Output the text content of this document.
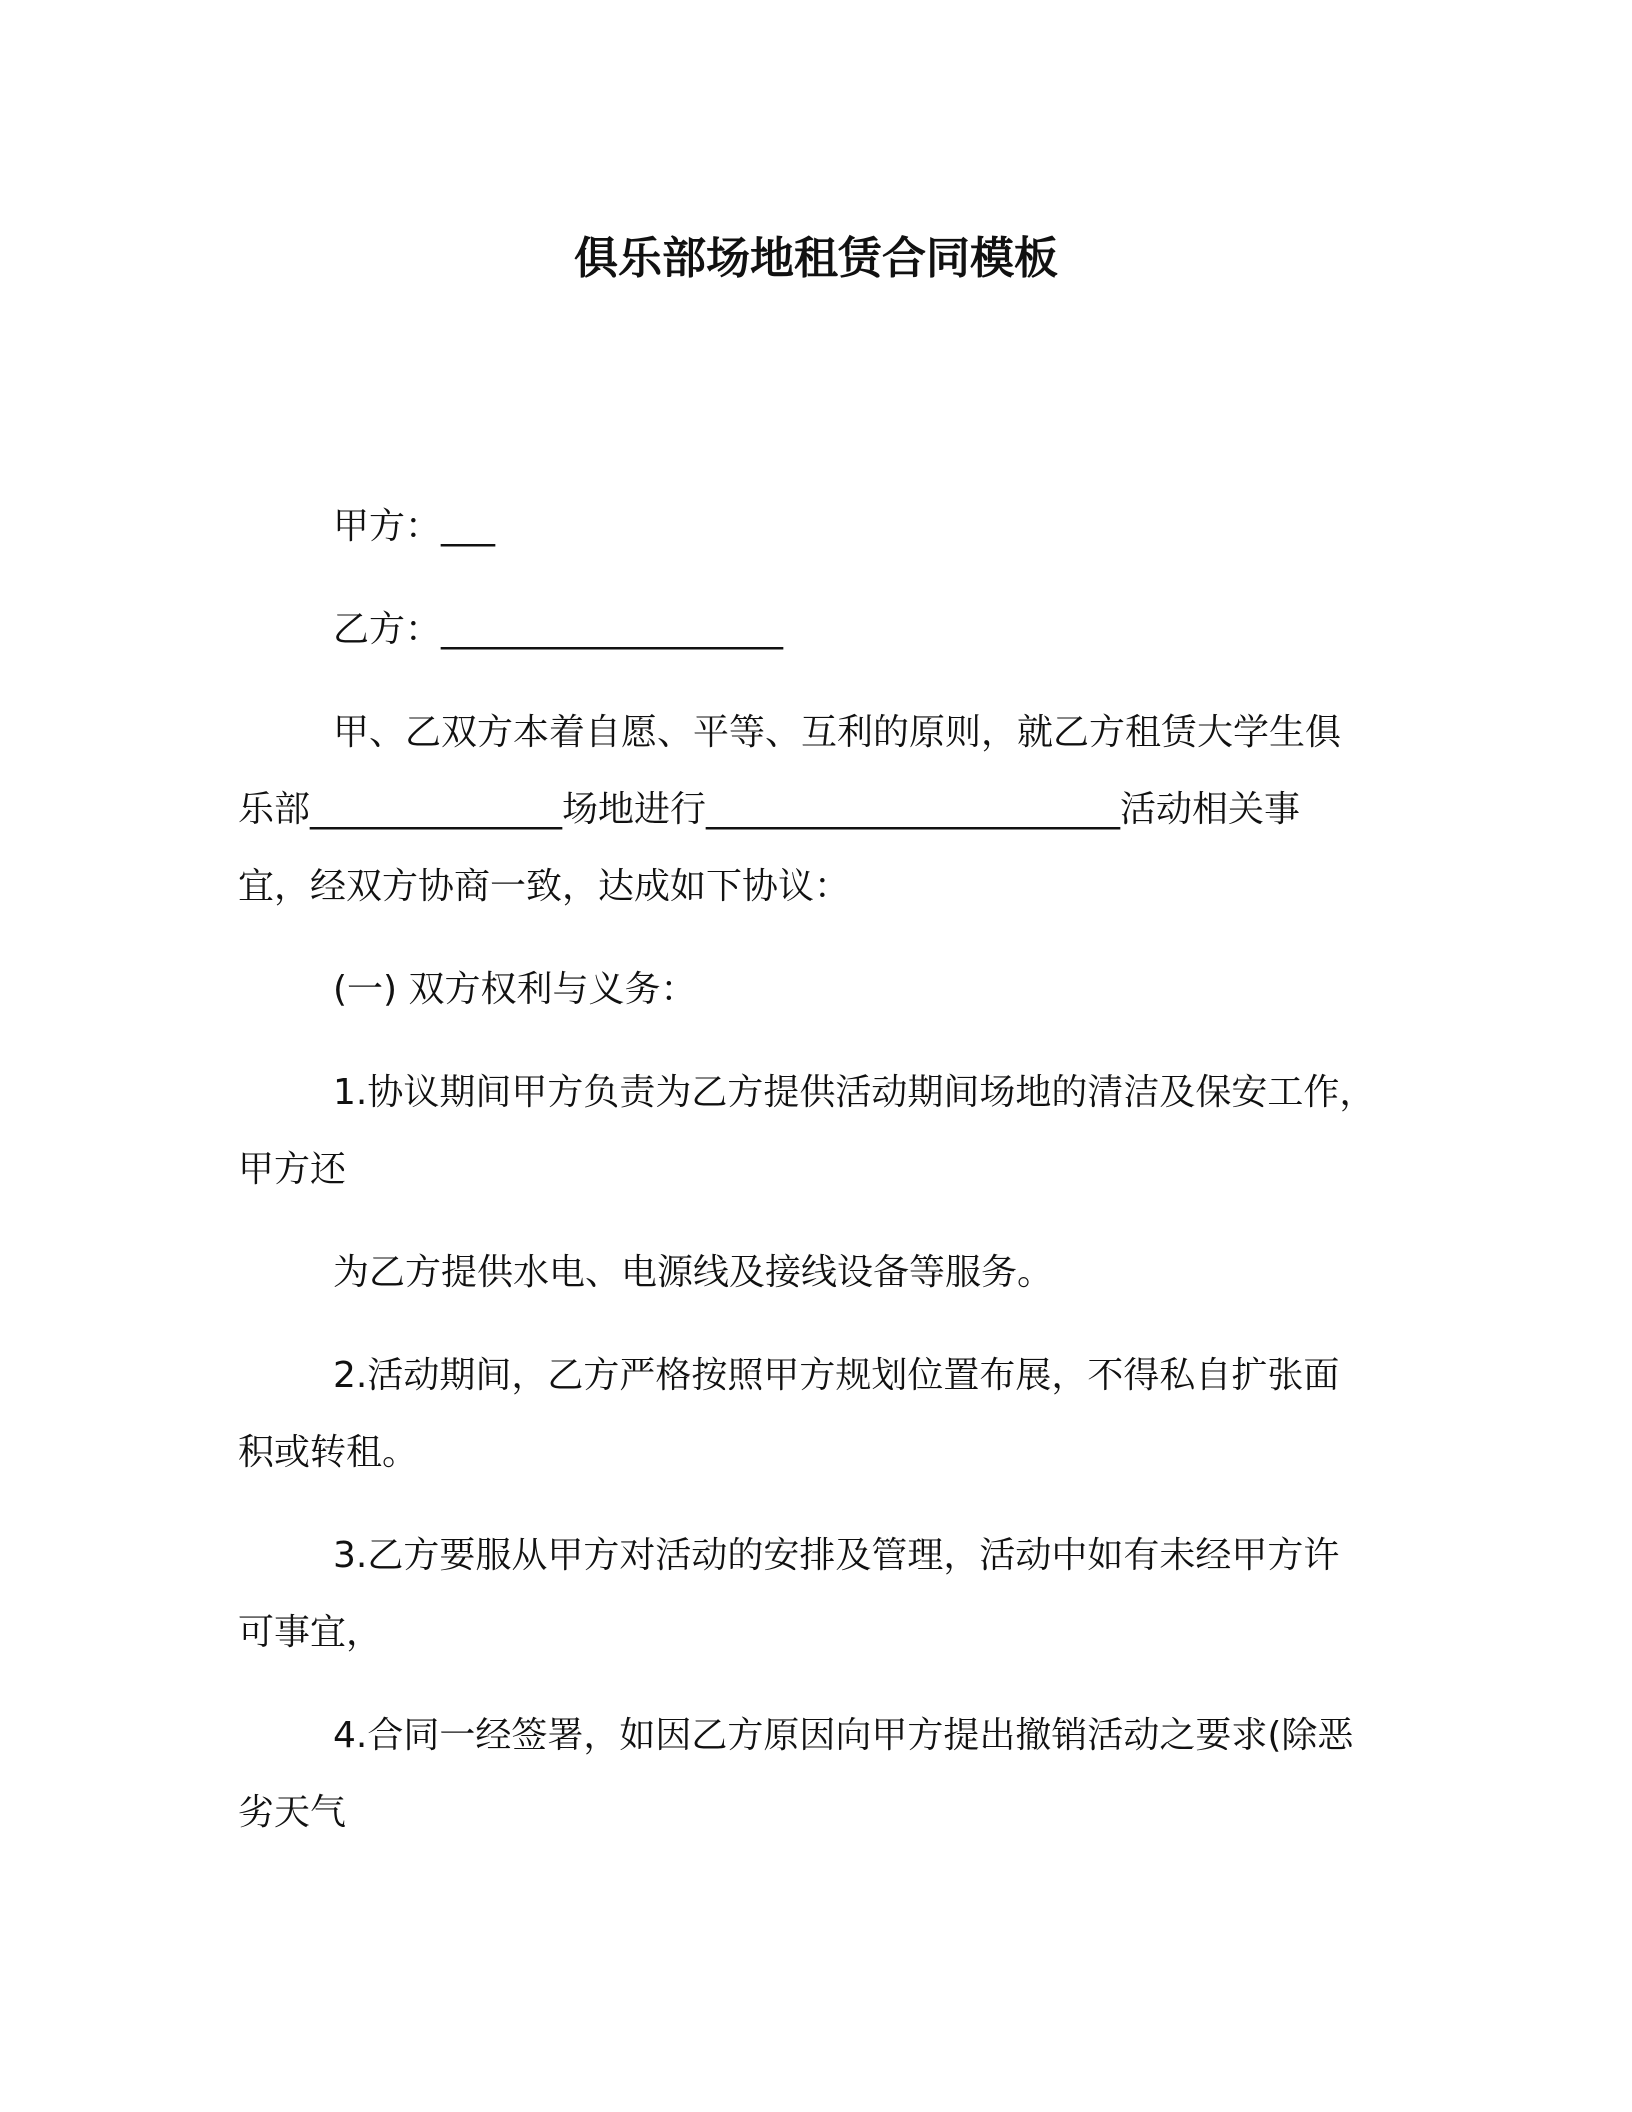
俱乐部场地租赁合同模板
甲方：___
乙方：___________________
甲、乙双方本着自愿、平等、互利的原则，就乙方租赁大学生俱
乐部______________场地进行_______________________活动相关事
宜，经双方协商一致，达成如下协议：
(一) 双方权利与义务：
1.协议期间甲方负责为乙方提供活动期间场地的清洁及保安工作，
甲方还
为乙方提供水电、电源线及接线设备等服务。
2.活动期间，乙方严格按照甲方规划位置布展，不得私自扩张面
积或转租。
3.乙方要服从甲方对活动的安排及管理，活动中如有未经甲方许
可事宜，
4.合同一经签署，如因乙方原因向甲方提出撤销活动之要求(除恶
劣天气
